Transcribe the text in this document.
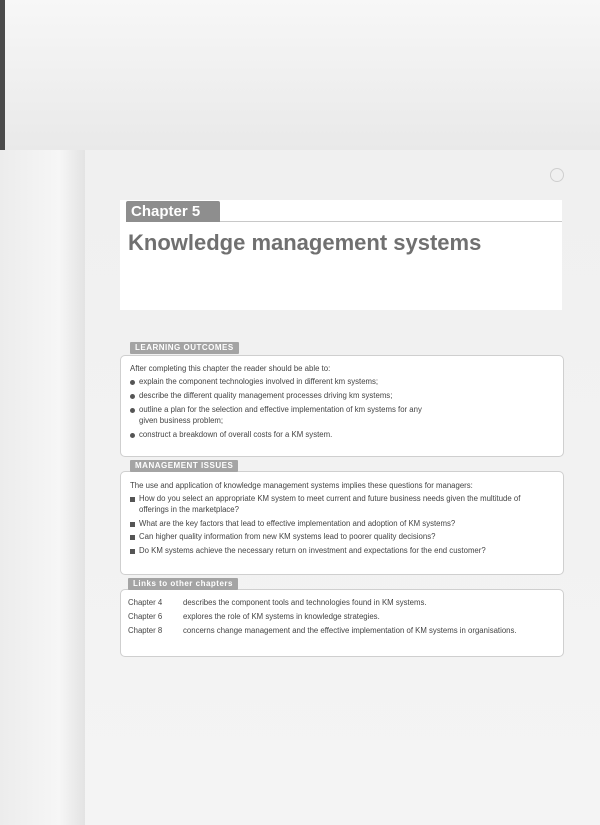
Chapter 5
Knowledge management systems
LEARNING OUTCOMES
After completing this chapter the reader should be able to:
explain the component technologies involved in different km systems;
describe the different quality management processes driving km systems;
outline a plan for the selection and effective implementation of km systems for any given business problem;
construct a breakdown of overall costs for a KM system.
MANAGEMENT ISSUES
The use and application of knowledge management systems implies these questions for managers:
How do you select an appropriate KM system to meet current and future business needs given the multitude of offerings in the marketplace?
What are the key factors that lead to effective implementation and adoption of KM systems?
Can higher quality information from new KM systems lead to poorer quality decisions?
Do KM systems achieve the necessary return on investment and expectations for the end customer?
Links to other chapters
Chapter 4	describes the component tools and technologies found in KM systems.
Chapter 6	explores the role of KM systems in knowledge strategies.
Chapter 8	concerns change management and the effective implementation of KM systems in organisations.
